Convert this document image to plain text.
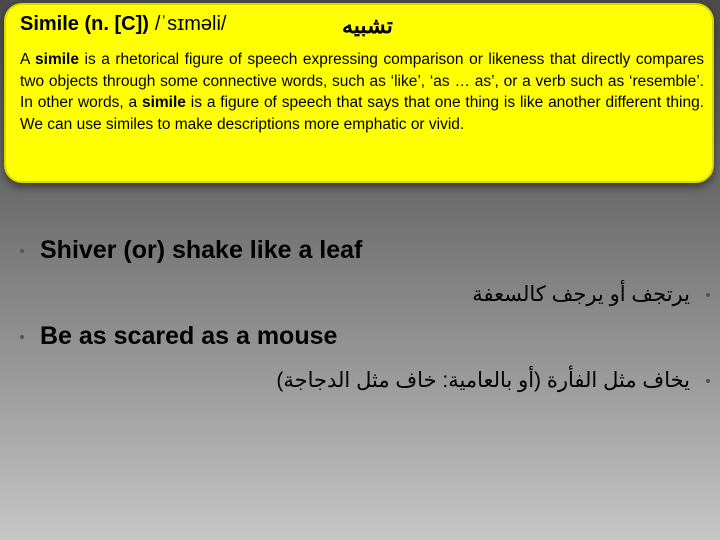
Simile (n. [C]) /ˈsɪməli/	تشبيه
A simile is a rhetorical figure of speech expressing comparison or likeness that directly compares two objects through some connective words, such as ‘like’, ‘as … as’, or a verb such as ‘resemble’. In other words, a simile is a figure of speech that says that one thing is like another different thing. We can use similes to make descriptions more emphatic or vivid.
Shiver (or) shake like a leaf
يرتجف أو يرجف كالسعفة
Be as scared as a mouse
يخاف مثل الفأرة (أو بالعامية: خاف مثل الدجاجة)
